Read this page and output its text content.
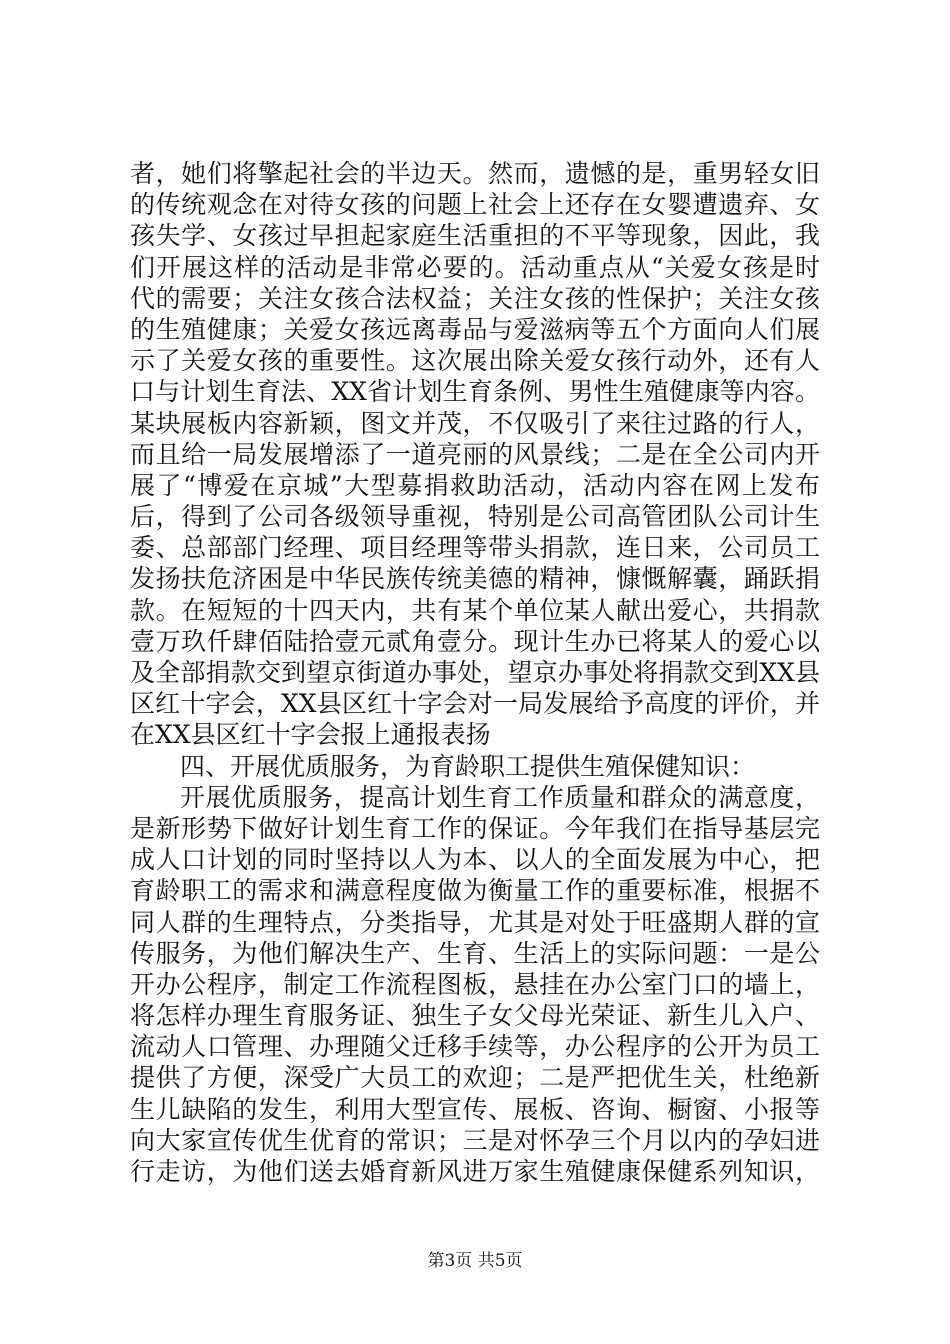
者，她们将擎起社会的半边天。然而，遗憾的是，重男轻女旧
的传统观念在对待女孩的问题上社会上还存在女婴遭遗弃、女
孩失学、女孩过早担起家庭生活重担的不平等现象，因此，我
们开展这样的活动是非常必要的。活动重点从“关爱女孩是时
代的需要；关注女孩合法权益；关注女孩的性保护；关注女孩
的生殖健康；关爱女孩远离毒品与爱滋病等五个方面向人们展
示了关爱女孩的重要性。这次展出除关爱女孩行动外，还有人
口与计划生育法、XX省计划生育条例、男性生殖健康等内容。
某块展板内容新颖，图文并茂，不仅吸引了来往过路的行人，
而且给一局发展增添了一道亮丽的风景线；二是在全公司内开
展了“博爱在京城”大型募捐救助活动，活动内容在网上发布
后，得到了公司各级领导重视，特别是公司高管团队公司计生
委、总部部门经理、项目经理等带头捐款，连日来，公司员工
发扬扶危济困是中华民族传统美德的精神，慷慨解囊，踊跃捐
款。在短短的十四天内，共有某个单位某人献出爱心，共捐款
壹万玖仟肆佰陆拾壹元贰角壹分。现计生办已将某人的爱心以
及全部捐款交到望京街道办事处，望京办事处将捐款交到XX县
区红十字会，XX县区红十字会对一局发展给予高度的评价，并
在XX县区红十字会报上通报表扬
四、开展优质服务，为育龄职工提供生殖保健知识：
开展优质服务，提高计划生育工作质量和群众的满意度，
是新形势下做好计划生育工作的保证。今年我们在指导基层完
成人口计划的同时坚持以人为本、以人的全面发展为中心，把
育龄职工的需求和满意程度做为衡量工作的重要标准，根据不
同人群的生理特点，分类指导，尤其是对处于旺盛期人群的宣
传服务，为他们解决生产、生育、生活上的实际问题：一是公
开办公程序，制定工作流程图板，悬挂在办公室门口的墙上，
将怎样办理生育服务证、独生子女父母光荣证、新生儿入户、
流动人口管理、办理随父迁移手续等，办公程序的公开为员工
提供了方便，深受广大员工的欢迎；二是严把优生关，杜绝新
生儿缺陷的发生，利用大型宣传、展板、咨询、橱窗、小报等
向大家宣传优生优育的常识；三是对怀孕三个月以内的孕妇进
行走访，为他们送去婚育新风进万家生殖健康保健系列知识，
第3页 共5页
